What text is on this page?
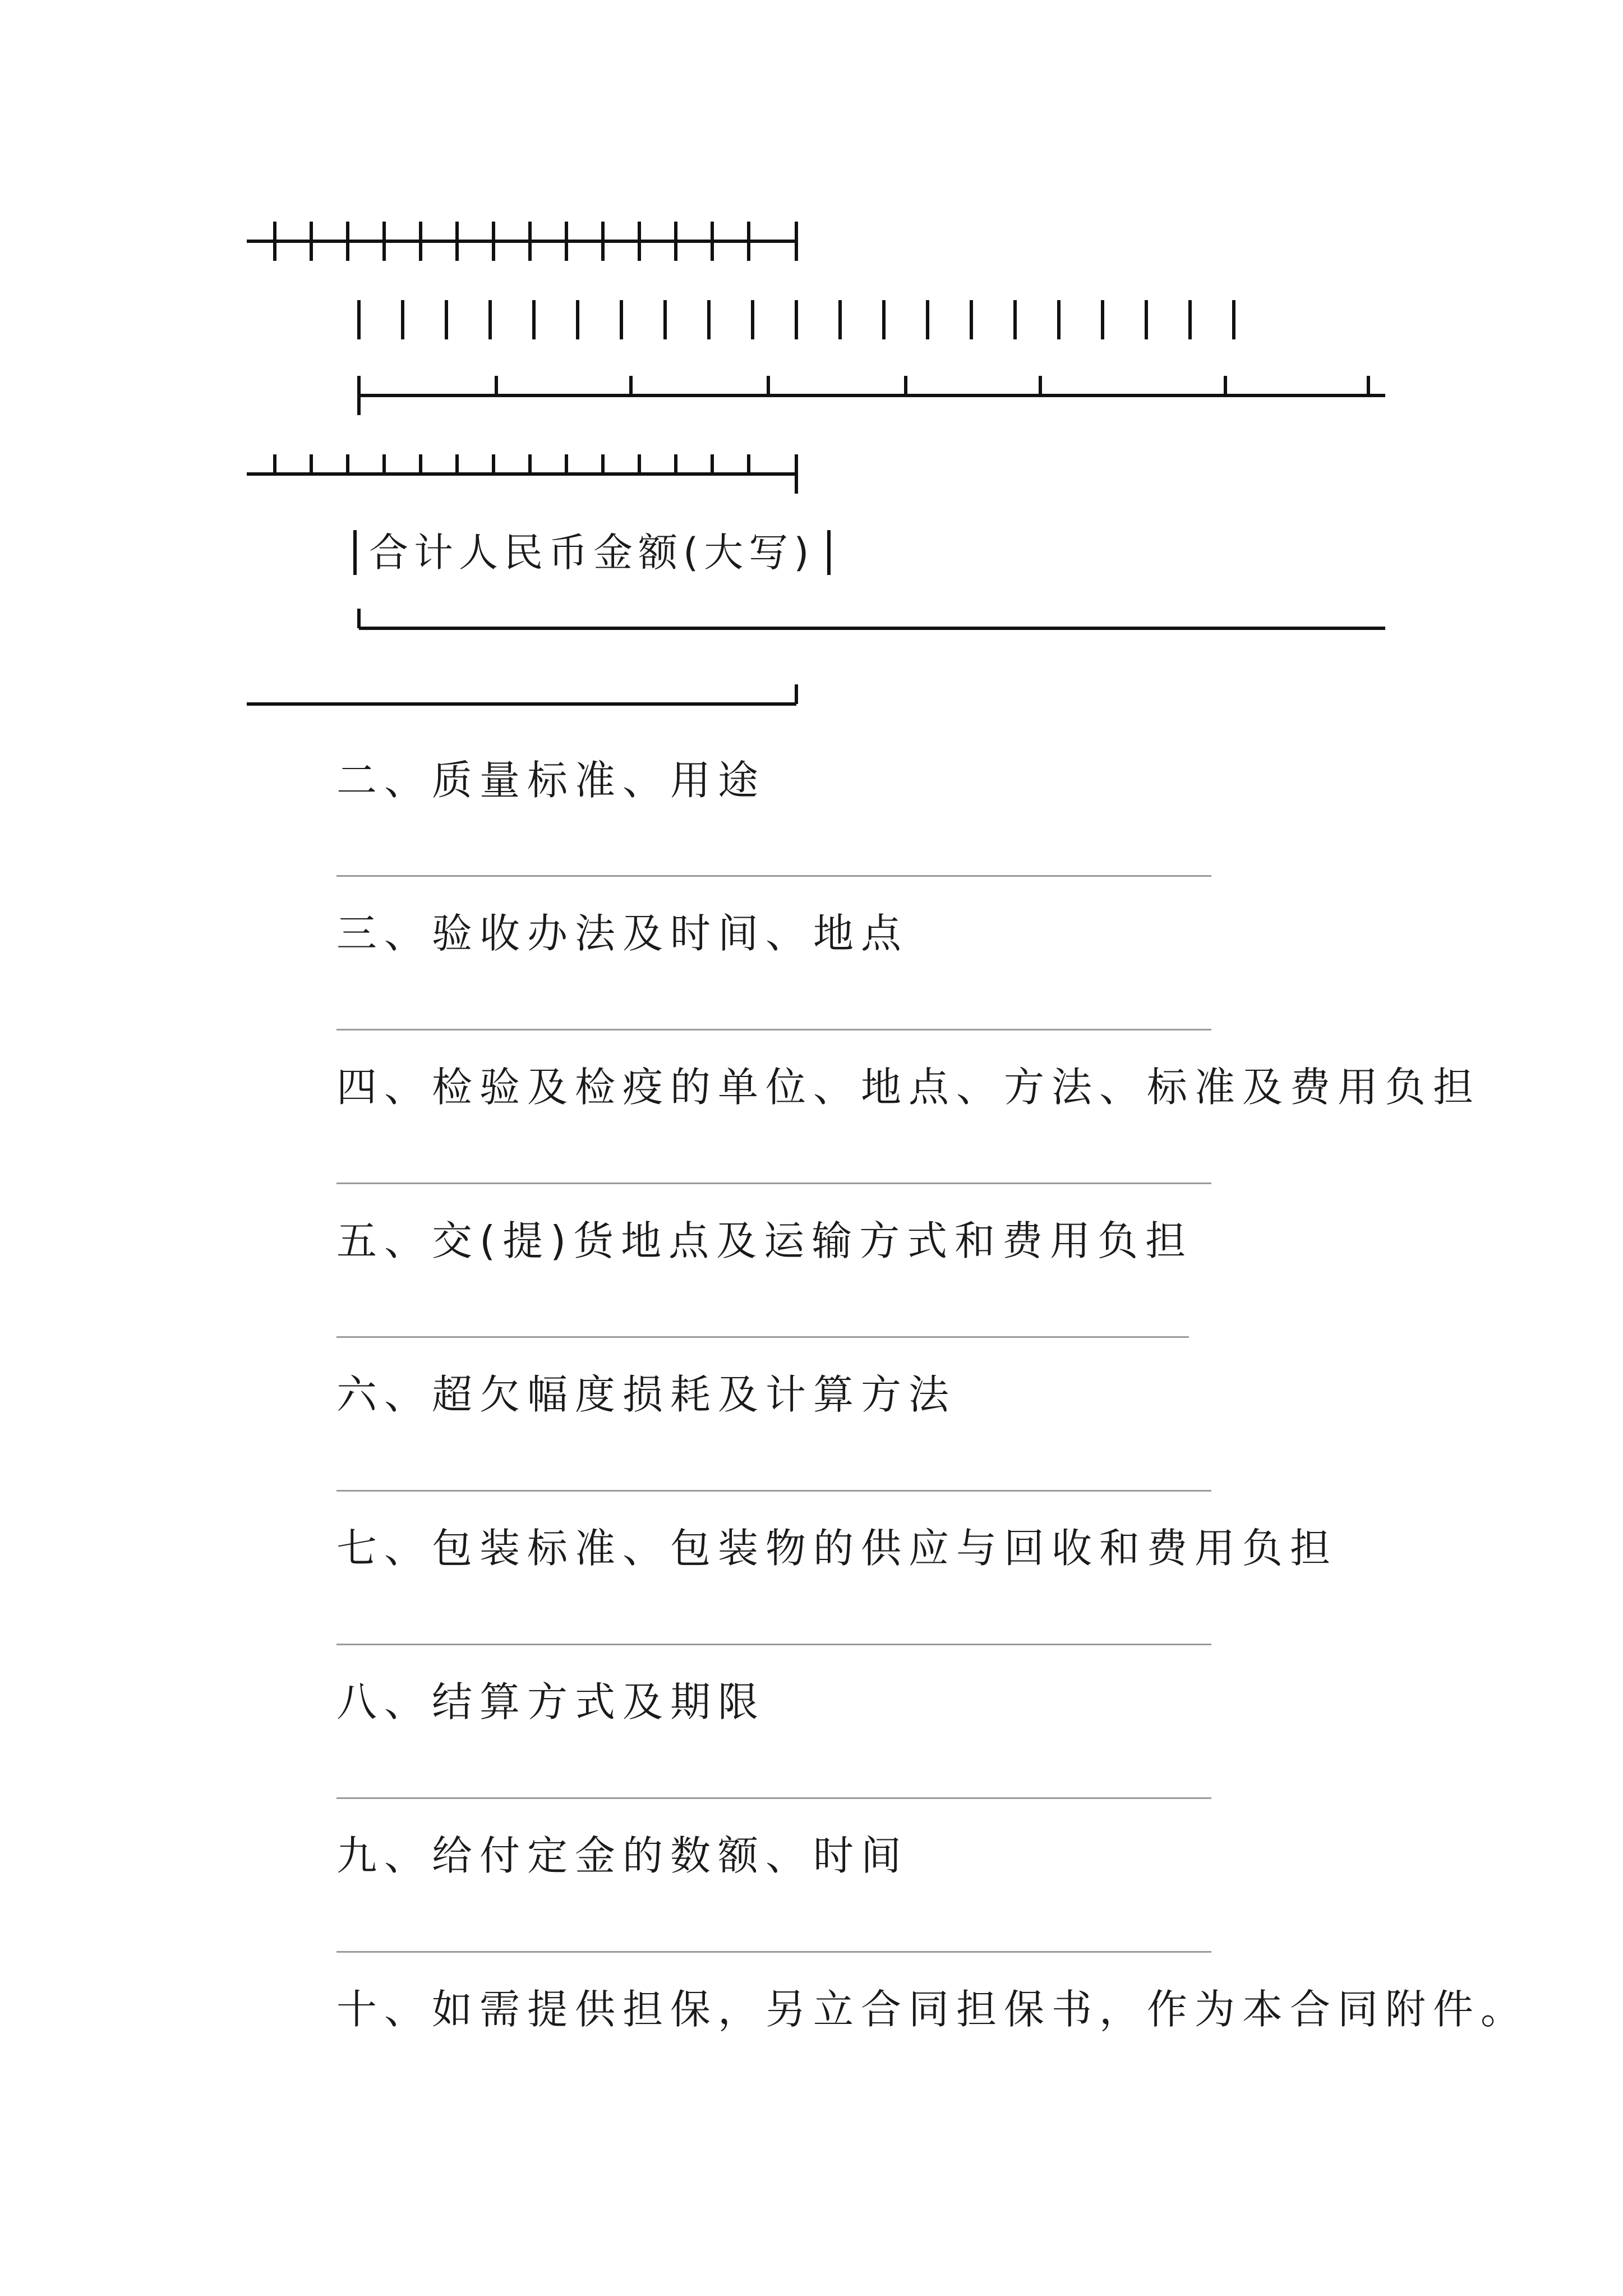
合计人民币金额(大写)
二、质量标准、用途
三、验收办法及时间、地点
四、检验及检疫的单位、地点、方法、标准及费用负担
五、交(提)货地点及运输方式和费用负担
六、超欠幅度损耗及计算方法
七、包装标准、包装物的供应与回收和费用负担
八、结算方式及期限
九、给付定金的数额、时间
十、如需提供担保，另立合同担保书，作为本合同附件。
